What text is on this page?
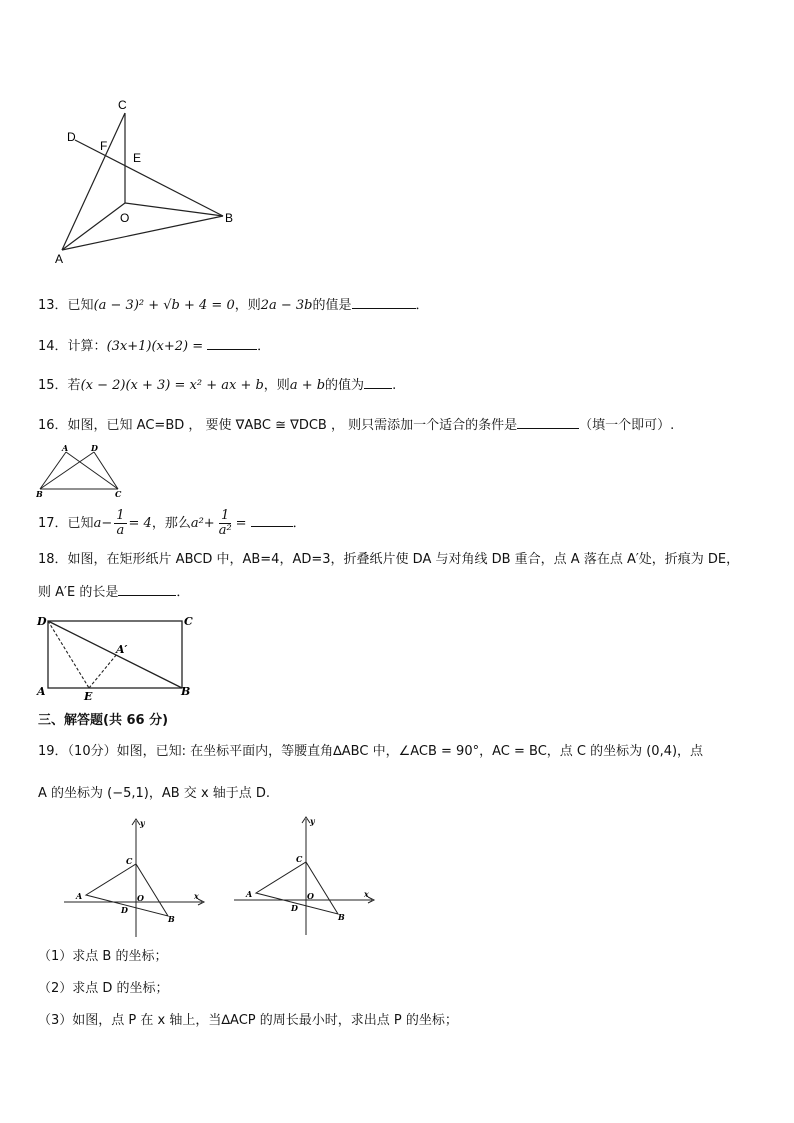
C
D
F
E
O	B
A
13．已知(a − 3)² + √b + 4 = 0，则2a − 3b的值是	．
14．计算：(3x+1)(x+2) =	．
15．若(x − 2)(x + 3) = x² + ax + b，则a + b的值为 .
16．如图，已知 AC=BD ， 要使 ∇ABC ≅ ∇DCB ， 则只需添加一个适合的条件是	（填一个即可）.
A	D
B	C
17．已知$a- \frac{1}{a} = 4$，那么$a^2+ \frac{1}{\text{a²}}$ =	．
18．如图，在矩形纸片 ABCD 中，AB=4，AD=3，折叠纸片使 DA 与对角线 DB 重合，点 A 落在点 A′处，折痕为 DE，
则 A′E 的长是	．
D	C
A′
A	E	B
三、解答题(共 66 分)
19．（10分）如图，已知: 在坐标平面内，等腰直角∆ABC 中，∠ACB = 90°，AC = BC，点 C 的坐标为 (0,4)，点
A 的坐标为 (−5,1)，AB 交 x 轴于点 D.
y
x
C
A	O
D
B
y
x
C
A	O
D
B
（1）求点 B 的坐标；
（2）求点 D 的坐标；
（3）如图，点 P 在 x 轴上，当∆ACP 的周长最小时，求出点 P 的坐标；
